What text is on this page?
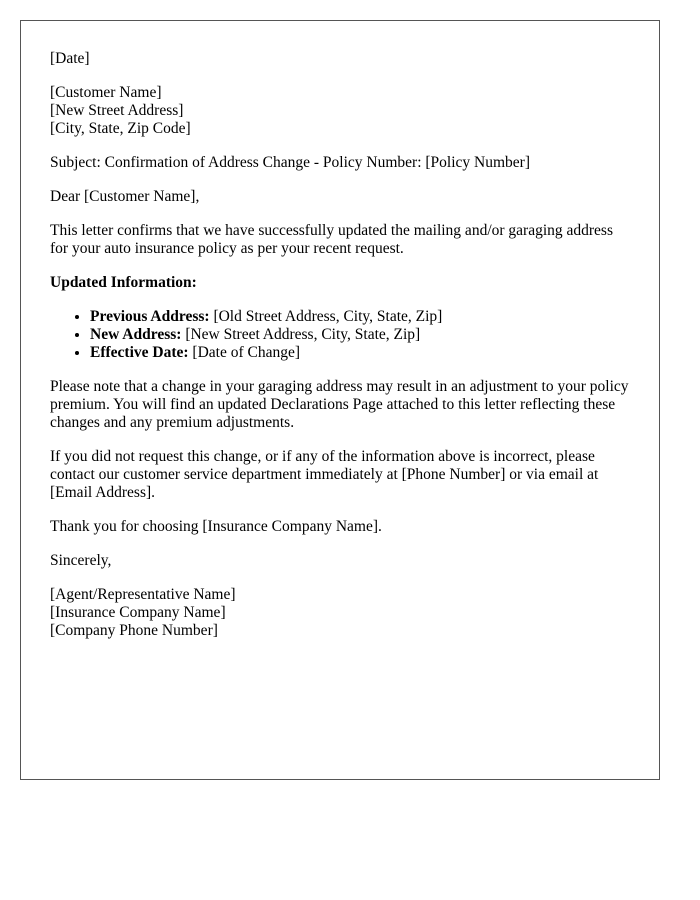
[Date]
[Customer Name]
[New Street Address]
[City, State, Zip Code]
Subject: Confirmation of Address Change - Policy Number: [Policy Number]
Dear [Customer Name],
This letter confirms that we have successfully updated the mailing and/or garaging address for your auto insurance policy as per your recent request.
Updated Information:
• Previous Address: [Old Street Address, City, State, Zip]
• New Address: [New Street Address, City, State, Zip]
• Effective Date: [Date of Change]
Please note that a change in your garaging address may result in an adjustment to your policy premium. You will find an updated Declarations Page attached to this letter reflecting these changes and any premium adjustments.
If you did not request this change, or if any of the information above is incorrect, please contact our customer service department immediately at [Phone Number] or via email at [Email Address].
Thank you for choosing [Insurance Company Name].
Sincerely,
[Agent/Representative Name]
[Insurance Company Name]
[Company Phone Number]
